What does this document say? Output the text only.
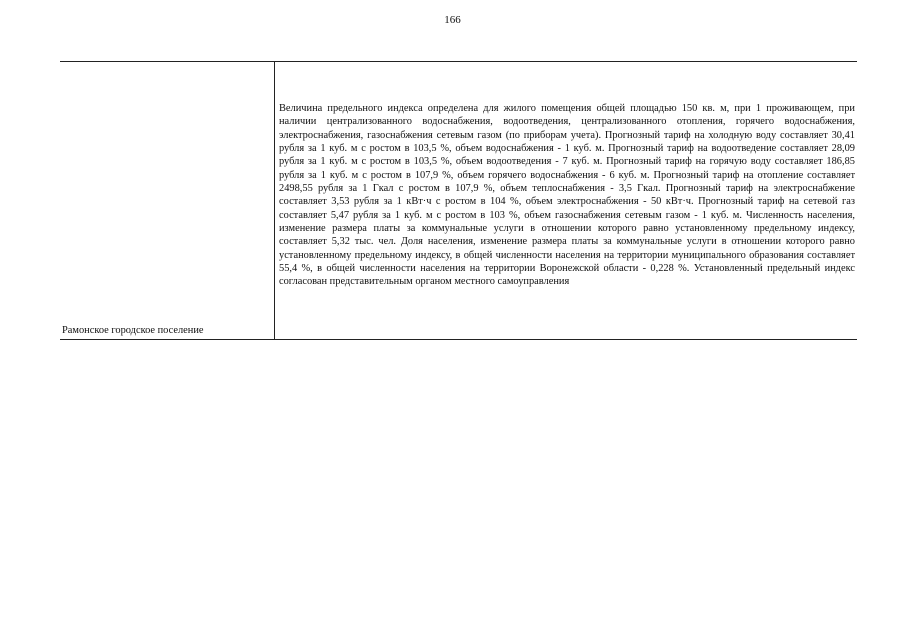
166
Рамонское городское поселение
Величина предельного индекса определена для жилого помещения общей площадью 150 кв. м, при 1 проживающем, при наличии централизованного водоснабжения, водоотведения, централизованного отопления, горячего водоснабжения, электроснабжения, газоснабжения сетевым газом (по приборам учета). Прогнозный тариф на холодную воду составляет 30,41 рубля за 1 куб. м с ростом в 103,5 %, объем водоснабжения - 1 куб. м. Прогнозный тариф на водоотведение составляет 28,09 рубля за 1 куб. м с ростом в 103,5 %, объем водоотведения - 7 куб. м. Прогнозный тариф на горячую воду составляет 186,85 рубля за 1 куб. м с ростом в 107,9 %, объем горячего водоснабжения - 6 куб. м. Прогнозный тариф на отопление составляет 2498,55 рубля за 1 Гкал с ростом в 107,9 %, объем теплоснабжения - 3,5 Гкал. Прогнозный тариф на электроснабжение составляет 3,53 рубля за 1 кВт·ч с ростом в 104 %, объем электроснабжения - 50 кВт·ч. Прогнозный тариф на сетевой газ составляет 5,47 рубля за 1 куб. м с ростом в 103 %, объем газоснабжения сетевым газом - 1 куб. м. Численность населения, изменение размера платы за коммунальные услуги в отношении которого равно установленному предельному индексу, составляет 5,32 тыс. чел. Доля населения, изменение размера платы за коммунальные услуги в отношении которого равно установленному предельному индексу, в общей численности населения на территории муниципального образования составляет 55,4 %, в общей численности населения на территории Воронежской области - 0,228 %. Установленный предельный индекс согласован представительным органом местного самоуправления
